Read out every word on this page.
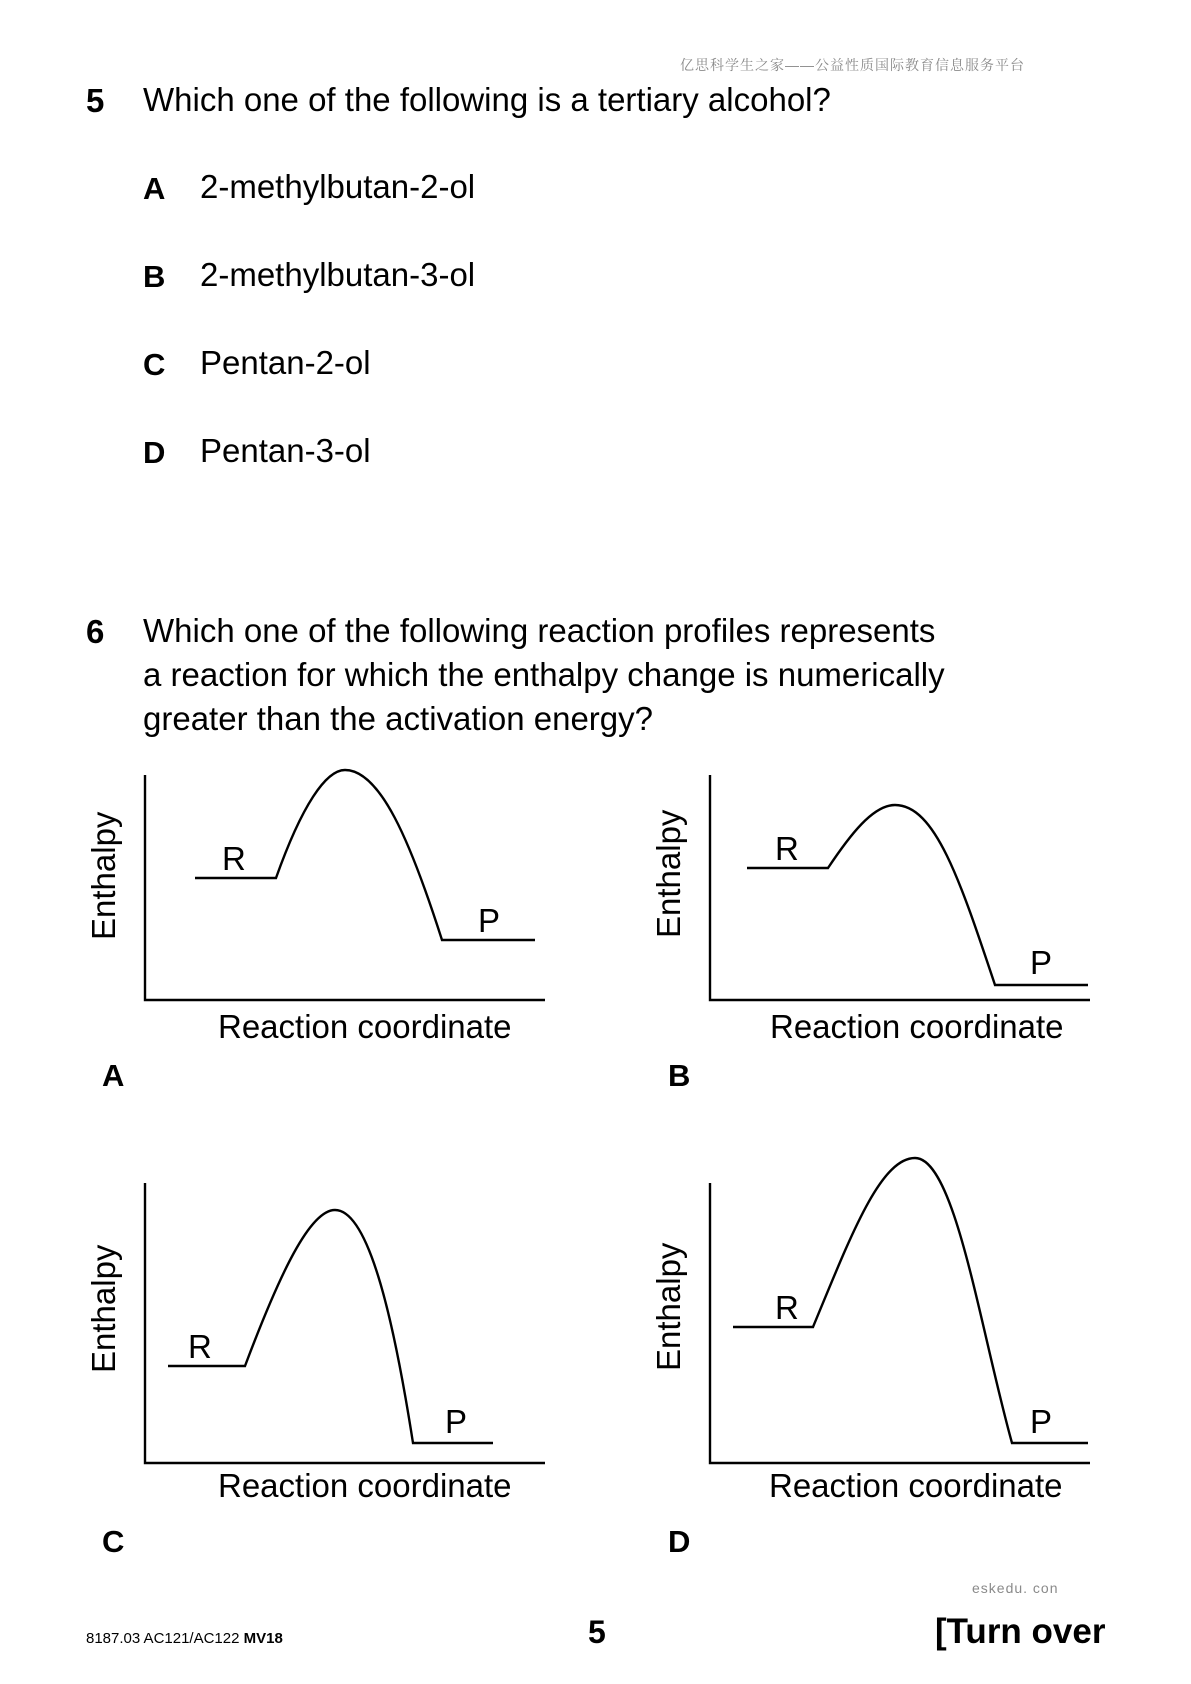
亿思科学生之家——公益性质国际教育信息服务平台
5 Which one of the following is a tertiary alcohol?
A 2-methylbutan-2-ol
B 2-methylbutan-3-ol
C Pentan-2-ol
D Pentan-3-ol
6 Which one of the following reaction profiles represents
a reaction for which the enthalpy change is numerically
greater than the activation energy?
Enthalpy
Reaction coordinate
R
P
A
Enthalpy
Reaction coordinate
R
P
B
Enthalpy
Reaction coordinate
R
P
C
Enthalpy
Reaction coordinate
R
P
D
eskedu. con
8187.03 AC121/AC122 MV18	5	[Turn over
